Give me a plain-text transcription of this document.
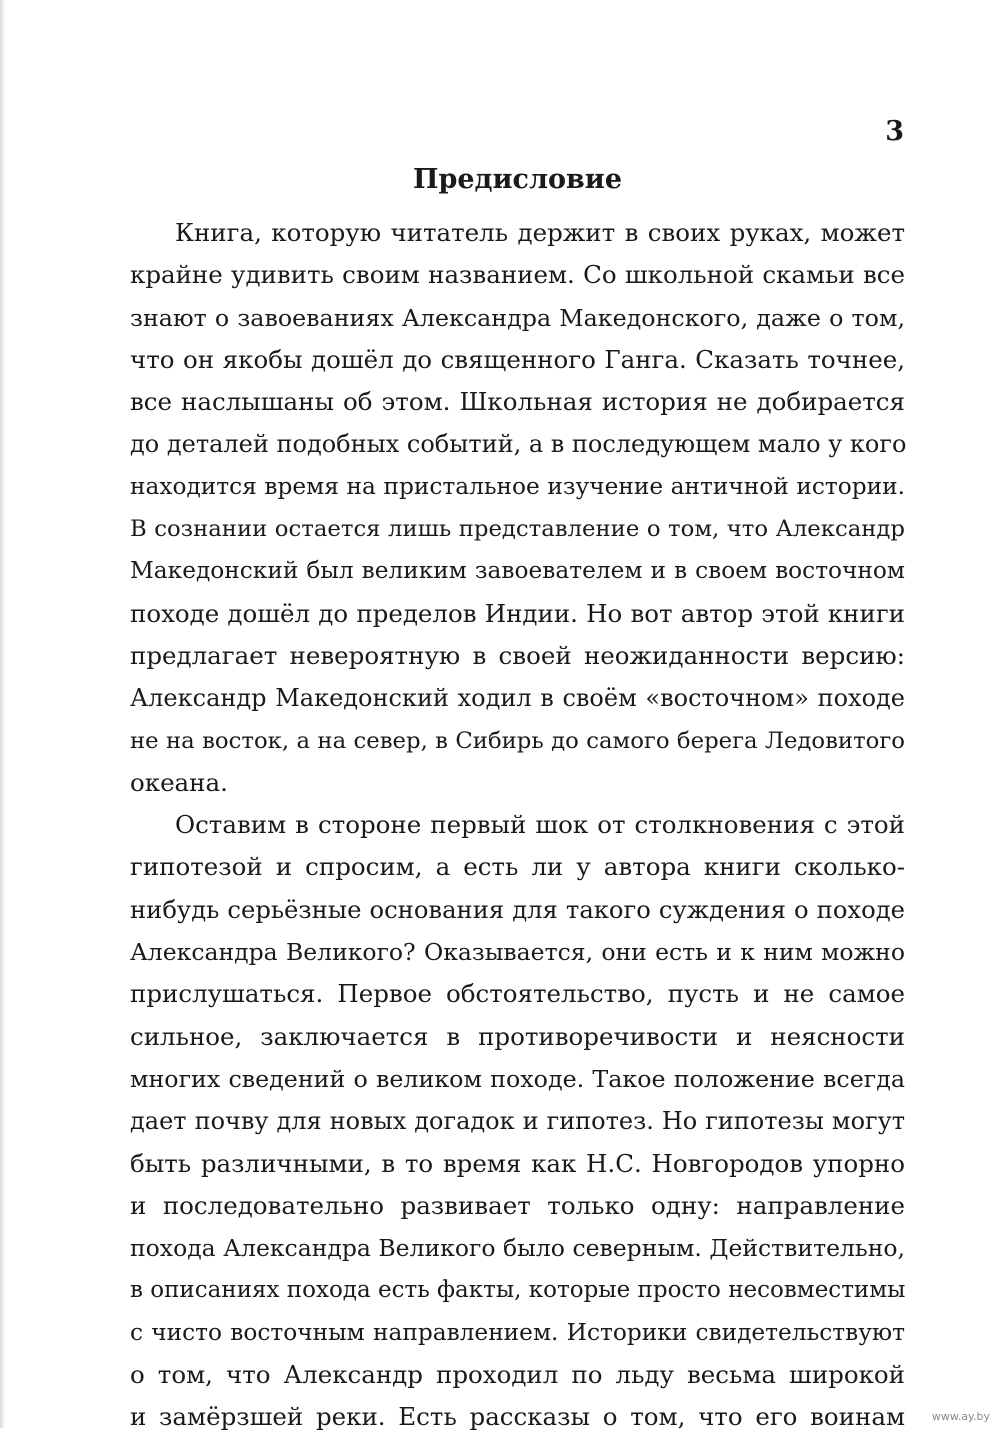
3
Предисловие
Книга, которую читатель держит в своих руках, может
крайне удивить своим названием. Со школьной скамьи все
знают о завоеваниях Александра Македонского, даже о том,
что он якобы дошёл до священного Ганга. Сказать точнее,
все наслышаны об этом. Школьная история не добирается
до деталей подобных событий, а в последующем мало у кого
находится время на пристальное изучение античной истории.
В сознании остается лишь представление о том, что Александр
Македонский был великим завоевателем и в своем восточном
походе дошёл до пределов Индии. Но вот автор этой книги
предлагает невероятную в своей неожиданности версию:
Александр Македонский ходил в своём «восточном» походе
не на восток, а на север, в Сибирь до самого берега Ледовитого
океана.
Оставим в стороне первый шок от столкновения с этой
гипотезой и спросим, а есть ли у автора книги сколько-
нибудь серьёзные основания для такого суждения о походе
Александра Великого? Оказывается, они есть и к ним можно
прислушаться. Первое обстоятельство, пусть и не самое
сильное, заключается в противоречивости и неясности
многих сведений о великом походе. Такое положение всегда
дает почву для новых догадок и гипотез. Но гипотезы могут
быть различными, в то время как Н.С. Новгородов упорно
и последовательно развивает только одну: направление
похода Александра Великого было северным. Действительно,
в описаниях похода есть факты, которые просто несовместимы
с чисто восточным направлением. Историки свидетельствуют
о том, что Александр проходил по льду весьма широкой
и замёрзшей реки. Есть рассказы о том, что его воинам www.ay.by
